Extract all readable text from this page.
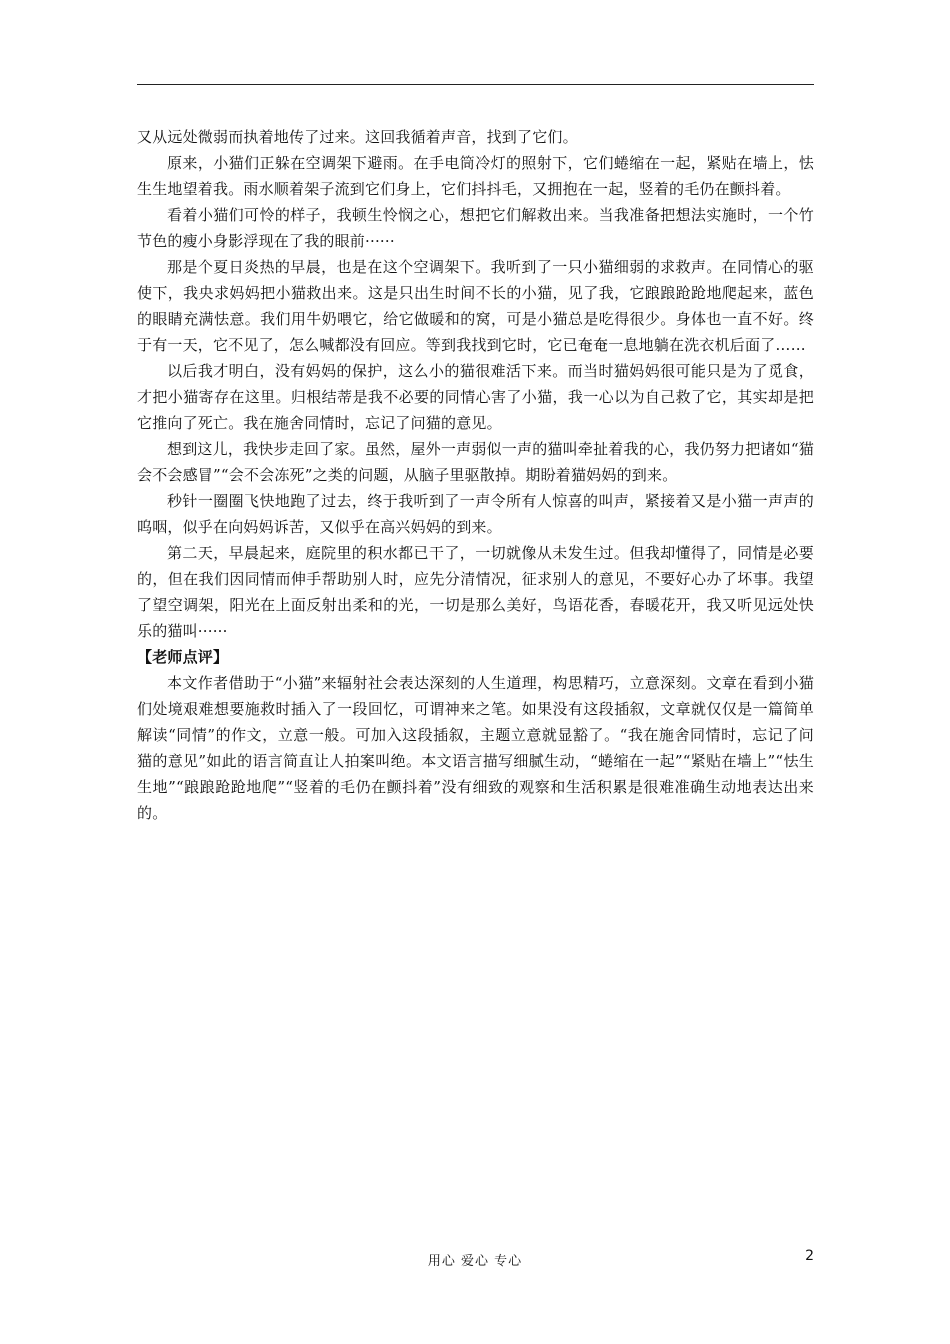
又从远处微弱而执着地传了过来。这回我循着声音，找到了它们。

原来，小猫们正躲在空调架下避雨。在手电筒冷灯的照射下，它们蜷缩在一起，紧贴在墙上，怯生生地望着我。雨水顺着架子流到它们身上，它们抖抖毛，又拥抱在一起，竖着的毛仍在颤抖着。

看着小猫们可怜的样子，我顿生怜悯之心，想把它们解救出来。当我准备把想法实施时，一个竹节色的瘦小身影浮现在了我的眼前······

那是个夏日炎热的早晨，也是在这个空调架下。我听到了一只小猫细弱的求救声。在同情心的驱使下，我央求妈妈把小猫救出来。这是只出生时间不长的小猫，见了我，它踉踉跄跄地爬起来，蓝色的眼睛充满怯意。我们用牛奶喂它，给它做暖和的窝，可是小猫总是吃得很少。身体也一直不好。终于有一天，它不见了，怎么喊都没有回应。等到我找到它时，它已奄奄一息地躺在洗衣机后面了……

以后我才明白，没有妈妈的保护，这么小的猫很难活下来。而当时猫妈妈很可能只是为了觅食，才把小猫寄存在这里。归根结蒂是我不必要的同情心害了小猫，我一心以为自己救了它，其实却是把它推向了死亡。我在施舍同情时，忘记了问猫的意见。

想到这儿，我快步走回了家。虽然，屋外一声弱似一声的猫叫牵扯着我的心，我仍努力把诸如“猫会不会感冒”“会不会冻死”之类的问题，从脑子里驱散掉。期盼着猫妈妈的到来。

秒针一圈圈飞快地跑了过去，终于我听到了一声令所有人惊喜的叫声，紧接着又是小猫一声声的呜咽，似乎在向妈妈诉苦，又似乎在高兴妈妈的到来。

第二天，早晨起来，庭院里的积水都已干了，一切就像从未发生过。但我却懂得了，同情是必要的，但在我们因同情而伸手帮助别人时，应先分清情况，征求别人的意见，不要好心办了坏事。我望了望空调架，阳光在上面反射出柔和的光，一切是那么美好，鸟语花香，春暖花开，我又听见远处快乐的猫叫······

【老师点评】

本文作者借助于“小猫”来辐射社会表达深刻的人生道理，构思精巧，立意深刻。文章在看到小猫们处境艰难想要施救时插入了一段回忆，可谓神来之笔。如果没有这段插叙，文章就仅仅是一篇简单解读“同情”的作文，立意一般。可加入这段插叙，主题立意就显豁了。“我在施舍同情时，忘记了问猫的意见”如此的语言简直让人拍案叫绝。本文语言描写细腻生动，“蜷缩在一起”“紧贴在墙上”“怯生生地”“踉踉跄跄地爬”“竖着的毛仍在颤抖着”没有细致的观察和生活积累是很难准确生动地表达出来的。

用心 爱心 专心	2
